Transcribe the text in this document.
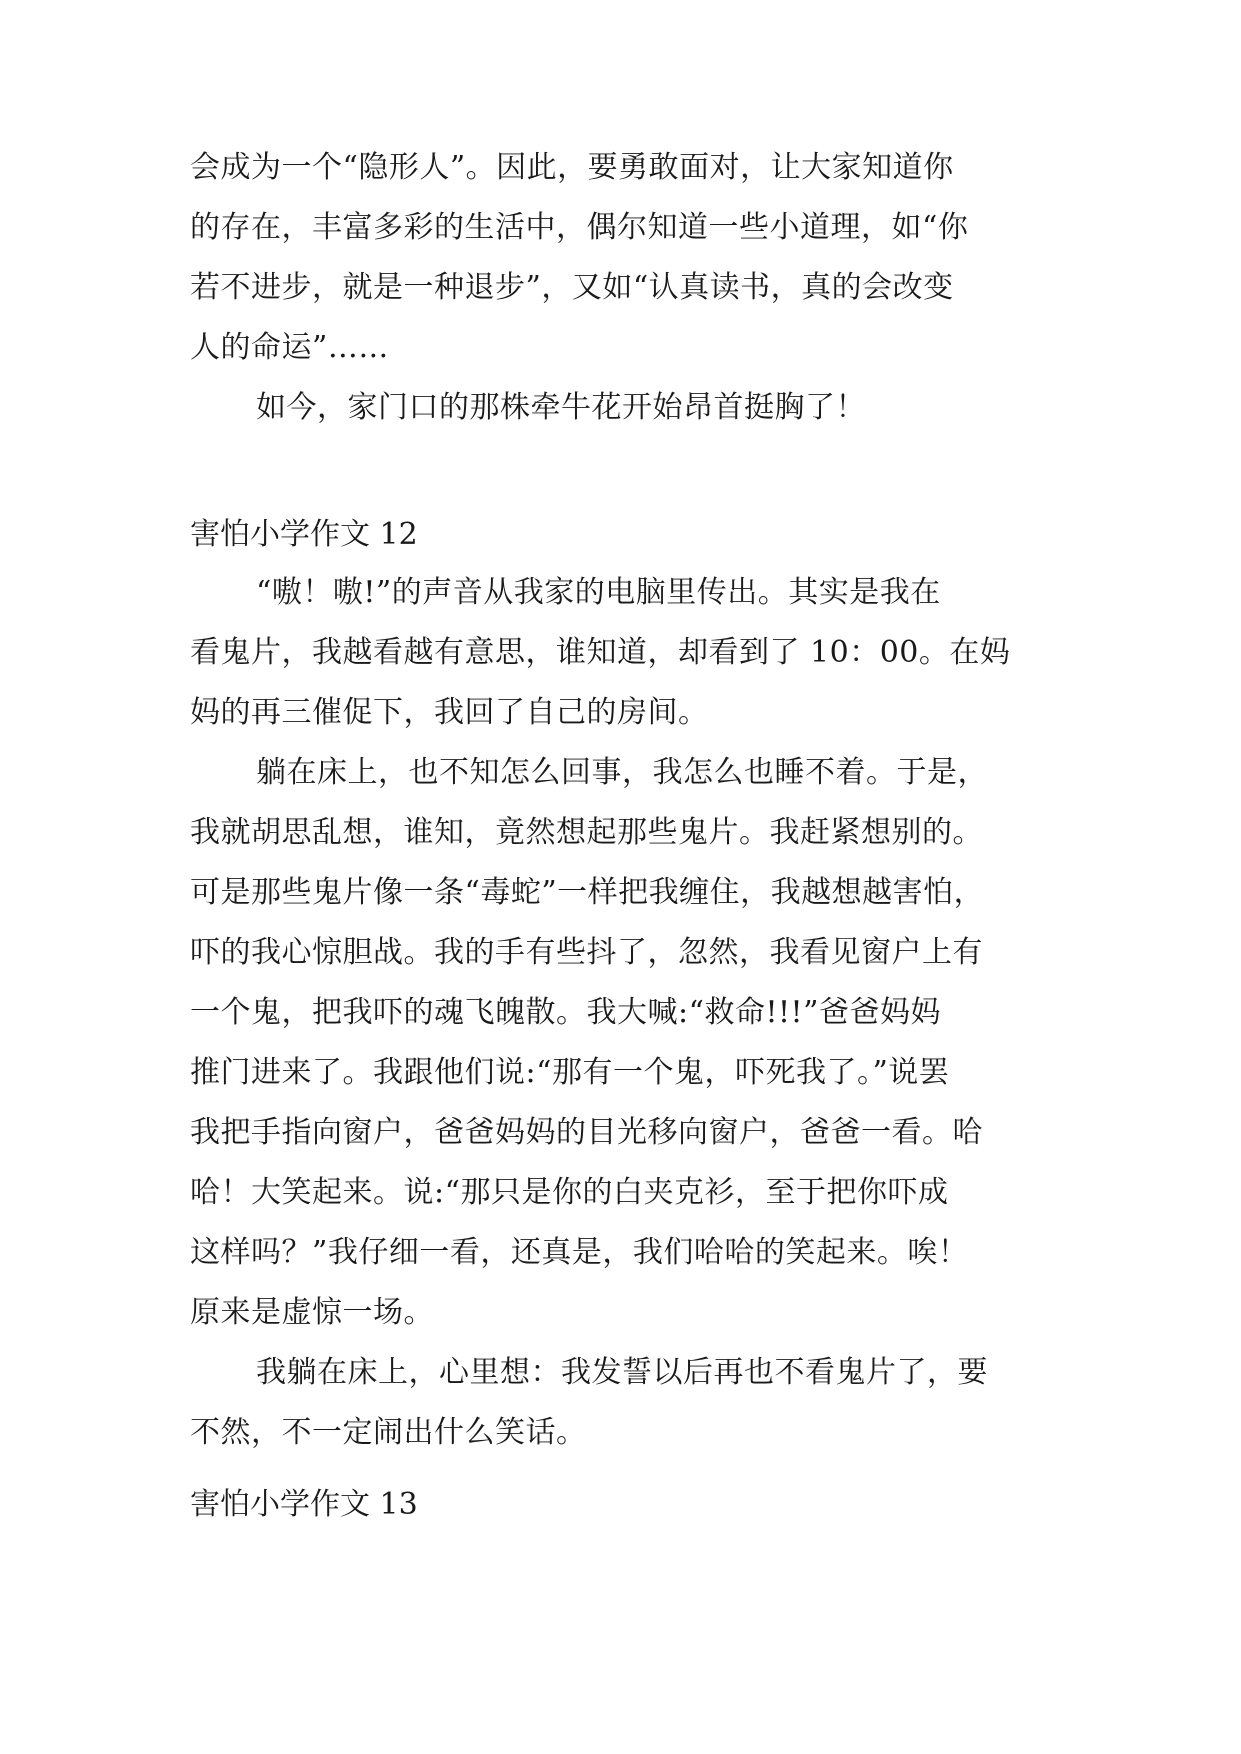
会成为一个“隐形人”。因此，要勇敢面对，让大家知道你
的存在，丰富多彩的生活中，偶尔知道一些小道理，如“你
若不进步，就是一种退步”，又如“认真读书，真的会改变
人的命运”……
如今，家门口的那株牵牛花开始昂首挺胸了！
害怕小学作文 12
“嗷！嗷!”的声音从我家的电脑里传出。其实是我在
看鬼片，我越看越有意思，谁知道，却看到了 10：00。在妈
妈的再三催促下，我回了自己的房间。
躺在床上，也不知怎么回事，我怎么也睡不着。于是，
我就胡思乱想，谁知，竟然想起那些鬼片。我赶紧想别的。
可是那些鬼片像一条“毒蛇”一样把我缠住，我越想越害怕，
吓的我心惊胆战。我的手有些抖了，忽然，我看见窗户上有
一个鬼，把我吓的魂飞魄散。我大喊:“救命!!!”爸爸妈妈
推门进来了。我跟他们说:“那有一个鬼，吓死我了。”说罢
我把手指向窗户，爸爸妈妈的目光移向窗户，爸爸一看。哈
哈！大笑起来。说:“那只是你的白夹克衫，至于把你吓成
这样吗？”我仔细一看，还真是，我们哈哈的笑起来。唉！
原来是虚惊一场。
我躺在床上，心里想：我发誓以后再也不看鬼片了，要
不然，不一定闹出什么笑话。
害怕小学作文 13
